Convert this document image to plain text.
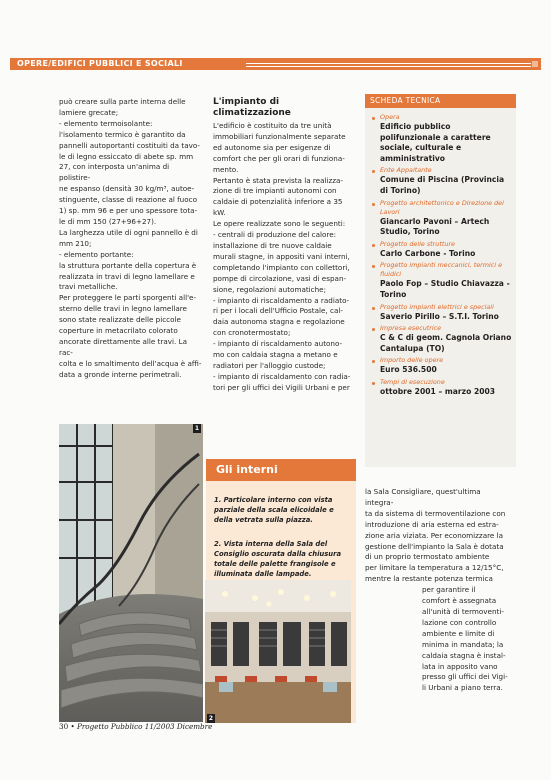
OPERE/EDIFICI PUBBLICI E SOCIALI

può creare sulla parte interna delle

lamiere grecate;

- elemento termoisolante:

l'isolamento termico è garantito da

pannelli autoportanti costituiti da tavo-

le di legno essiccato di abete sp. mm

27, con interposta un'anima di polistire-

ne espanso (densità 30 kg/m³, autoe-

stinguente, classe di reazione al fuoco

1) sp. mm 96 e per uno spessore tota-

le di mm 150 (27+96+27).

La larghezza utile di ogni pannello è di

mm 210;

- elemento portante:

la struttura portante della copertura è

realizzata in travi di legno lamellare e

travi metalliche.

Per proteggere le parti sporgenti all'e-

sterno delle travi in legno lamellare

sono state realizzate delle piccole

coperture in metacrilato colorato

ancorate direttamente alle travi. La rac-

colta e lo smaltimento dell'acqua è affi-

data a gronde interne perimetrali.

L'impianto di climatizzazione

L'edificio è costituito da tre unità

immobiliari funzionalmente separate

ed autonome sia per esigenze di

comfort che per gli orari di funziona-

mento.

Pertanto è stata prevista la realizza-

zione di tre impianti autonomi con

caldaie di potenzialità inferiore a 35

kW.

Le opere realizzate sono le seguenti:

- centrali di produzione del calore:

installazione di tre nuove caldaie

murali stagne, in appositi vani interni,

completando l'impianto con collettori,

pompe di circolazione, vasi di espan-

sione, regolazioni automatiche;

- impianto di riscaldamento a radiato-

ri per i locali dell'Ufficio Postale, cal-

daia autonoma stagna e regolazione

con cronotermostato;

- impianto di riscaldamento autono-

mo con caldaia stagna a metano e

radiatori per l'alloggio custode;

- impianto di riscaldamento con radia-

tori per gli uffici dei Vigili Urbani e per

SCHEDA TECNICA
Opera
Edificio pubblico polifunzionale a carattere sociale, culturale e amministrativo
Ente Appaltante
Comune di Piscina (Provincia di Torino)
Progetto architettonico e Direzione dei Lavori
Giancarlo Pavoni – Artech Studio, Torino
Progetto delle strutture
Carlo Carbone - Torino
Progetto impianti meccanici, termici e fluidici
Paolo Fop – Studio Chiavazza - Torino
Progetto impianti elettrici e speciali
Saverio Pirillo – S.T.I. Torino
Impresa esecutrice
C & C di geom. Cagnola Oriano Cantalupa (TO)
Importo delle opere
Euro 536.500
Tempi di esecuzione
ottobre 2001 – marzo 2003
1
Gli interni
1. Particolare interno con vista parziale della scala elicoidale e della vetrata sulla piazza.
2. Vista interna della Sala del Consiglio oscurata dalla chiusura totale delle palette frangisole e illuminata dalle lampade.
2

la Sala Consigliare, quest'ultima integra-

ta da sistema di termoventilazione con

introduzione di aria esterna ed estra-

zione aria viziata. Per economizzare la

gestione dell'impianto la Sala è dotata

di un proprio termostato ambiente

per limitare la temperatura a 12/15°C,

mentre la restante potenza termica

per garantire il

comfort è assegnata

all'unità di termoventi-

lazione con controllo

ambiente e limite di

minima in mandata; la

caldaia stagna è instal-

lata in apposito vano

presso gli uffici dei Vigi-

li Urbani a piano terra.

30 • Progetto Pubblico 11/2003 Dicembre
